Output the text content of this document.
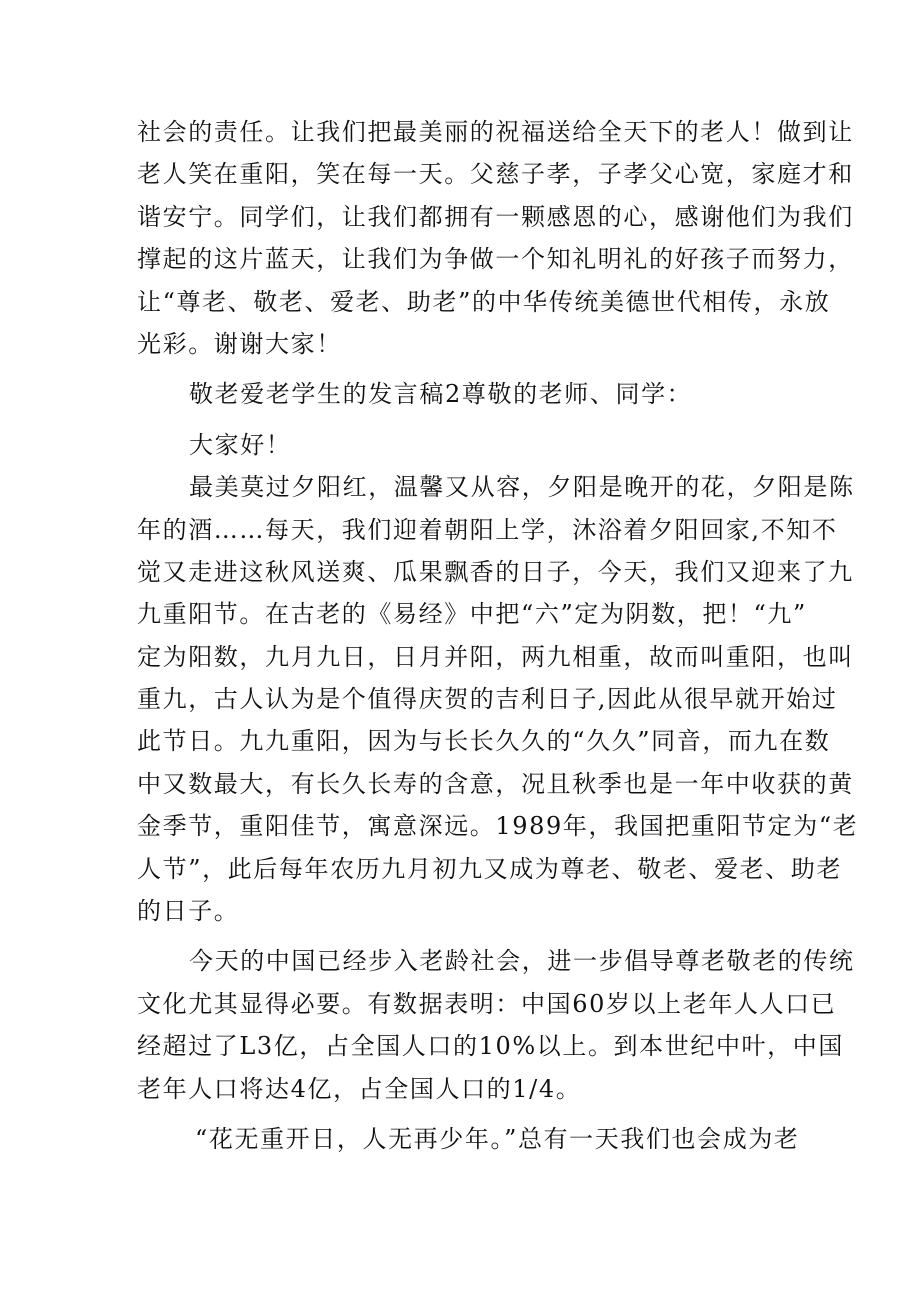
社会的责任。让我们把最美丽的祝福送给全天下的老人！做到让
老人笑在重阳，笑在每一天。父慈子孝，子孝父心宽，家庭才和
谐安宁。同学们，让我们都拥有一颗感恩的心，感谢他们为我们
撑起的这片蓝天，让我们为争做一个知礼明礼的好孩子而努力，
让“尊老、敬老、爱老、助老”的中华传统美德世代相传，永放
光彩。谢谢大家！
敬老爱老学生的发言稿2尊敬的老师、同学：
大家好！
最美莫过夕阳红，温馨又从容，夕阳是晚开的花，夕阳是陈
年的酒……每天，我们迎着朝阳上学，沐浴着夕阳回家,不知不
觉又走进这秋风送爽、瓜果飘香的日子，今天，我们又迎来了九
九重阳节。在古老的《易经》中把“六”定为阴数，把！“九”
定为阳数，九月九日，日月并阳，两九相重，故而叫重阳，也叫
重九，古人认为是个值得庆贺的吉利日子,因此从很早就开始过
此节日。九九重阳，因为与长长久久的“久久”同音，而九在数
中又数最大，有长久长寿的含意，况且秋季也是一年中收获的黄
金季节，重阳佳节，寓意深远。1989年，我国把重阳节定为“老
人节”，此后每年农历九月初九又成为尊老、敬老、爱老、助老
的日子。
今天的中国已经步入老龄社会，进一步倡导尊老敬老的传统
文化尤其显得必要。有数据表明：中国60岁以上老年人人口已
经超过了L3亿，占全国人口的10%以上。到本世纪中叶，中国
老年人口将达4亿，占全国人口的1/4。
“花无重开日，人无再少年。”总有一天我们也会成为老
